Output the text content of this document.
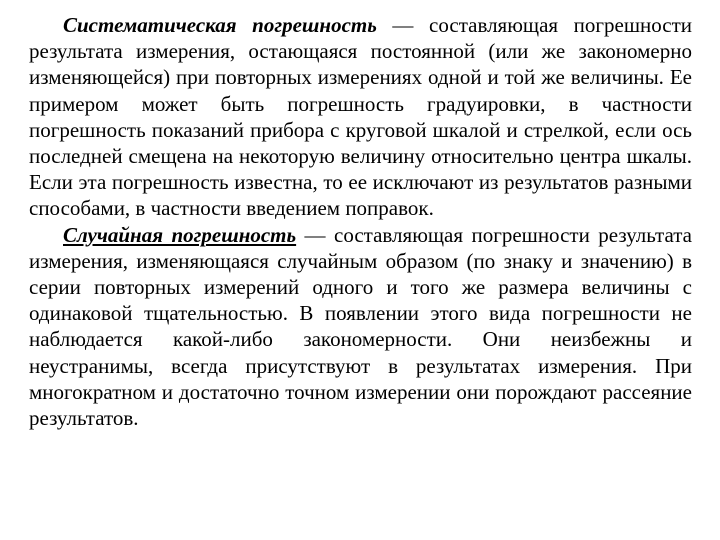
Систематическая погрешность — составляющая погрешности результата измерения, остающаяся постоянной (или же закономерно изменяющейся) при повторных измерениях одной и той же величины. Ее примером может быть погрешность градуировки, в частности погрешность показаний прибора с круговой шкалой и стрелкой, если ось последней смещена на некоторую величину относительно центра шкалы. Если эта погрешность известна, то ее исключают из результатов разными способами, в частности введением поправок.

Случайная погрешность — составляющая погрешности результата измерения, изменяющаяся случайным образом (по знаку и значению) в серии повторных измерений одного и того же размера величины с одинаковой тщательностью. В появлении этого вида погрешности не наблюдается какой-либо закономерности. Они неизбежны и неустранимы, всегда присутствуют в результатах измерения. При многократном и достаточно точном измерении они порождают рассеяние результатов.
